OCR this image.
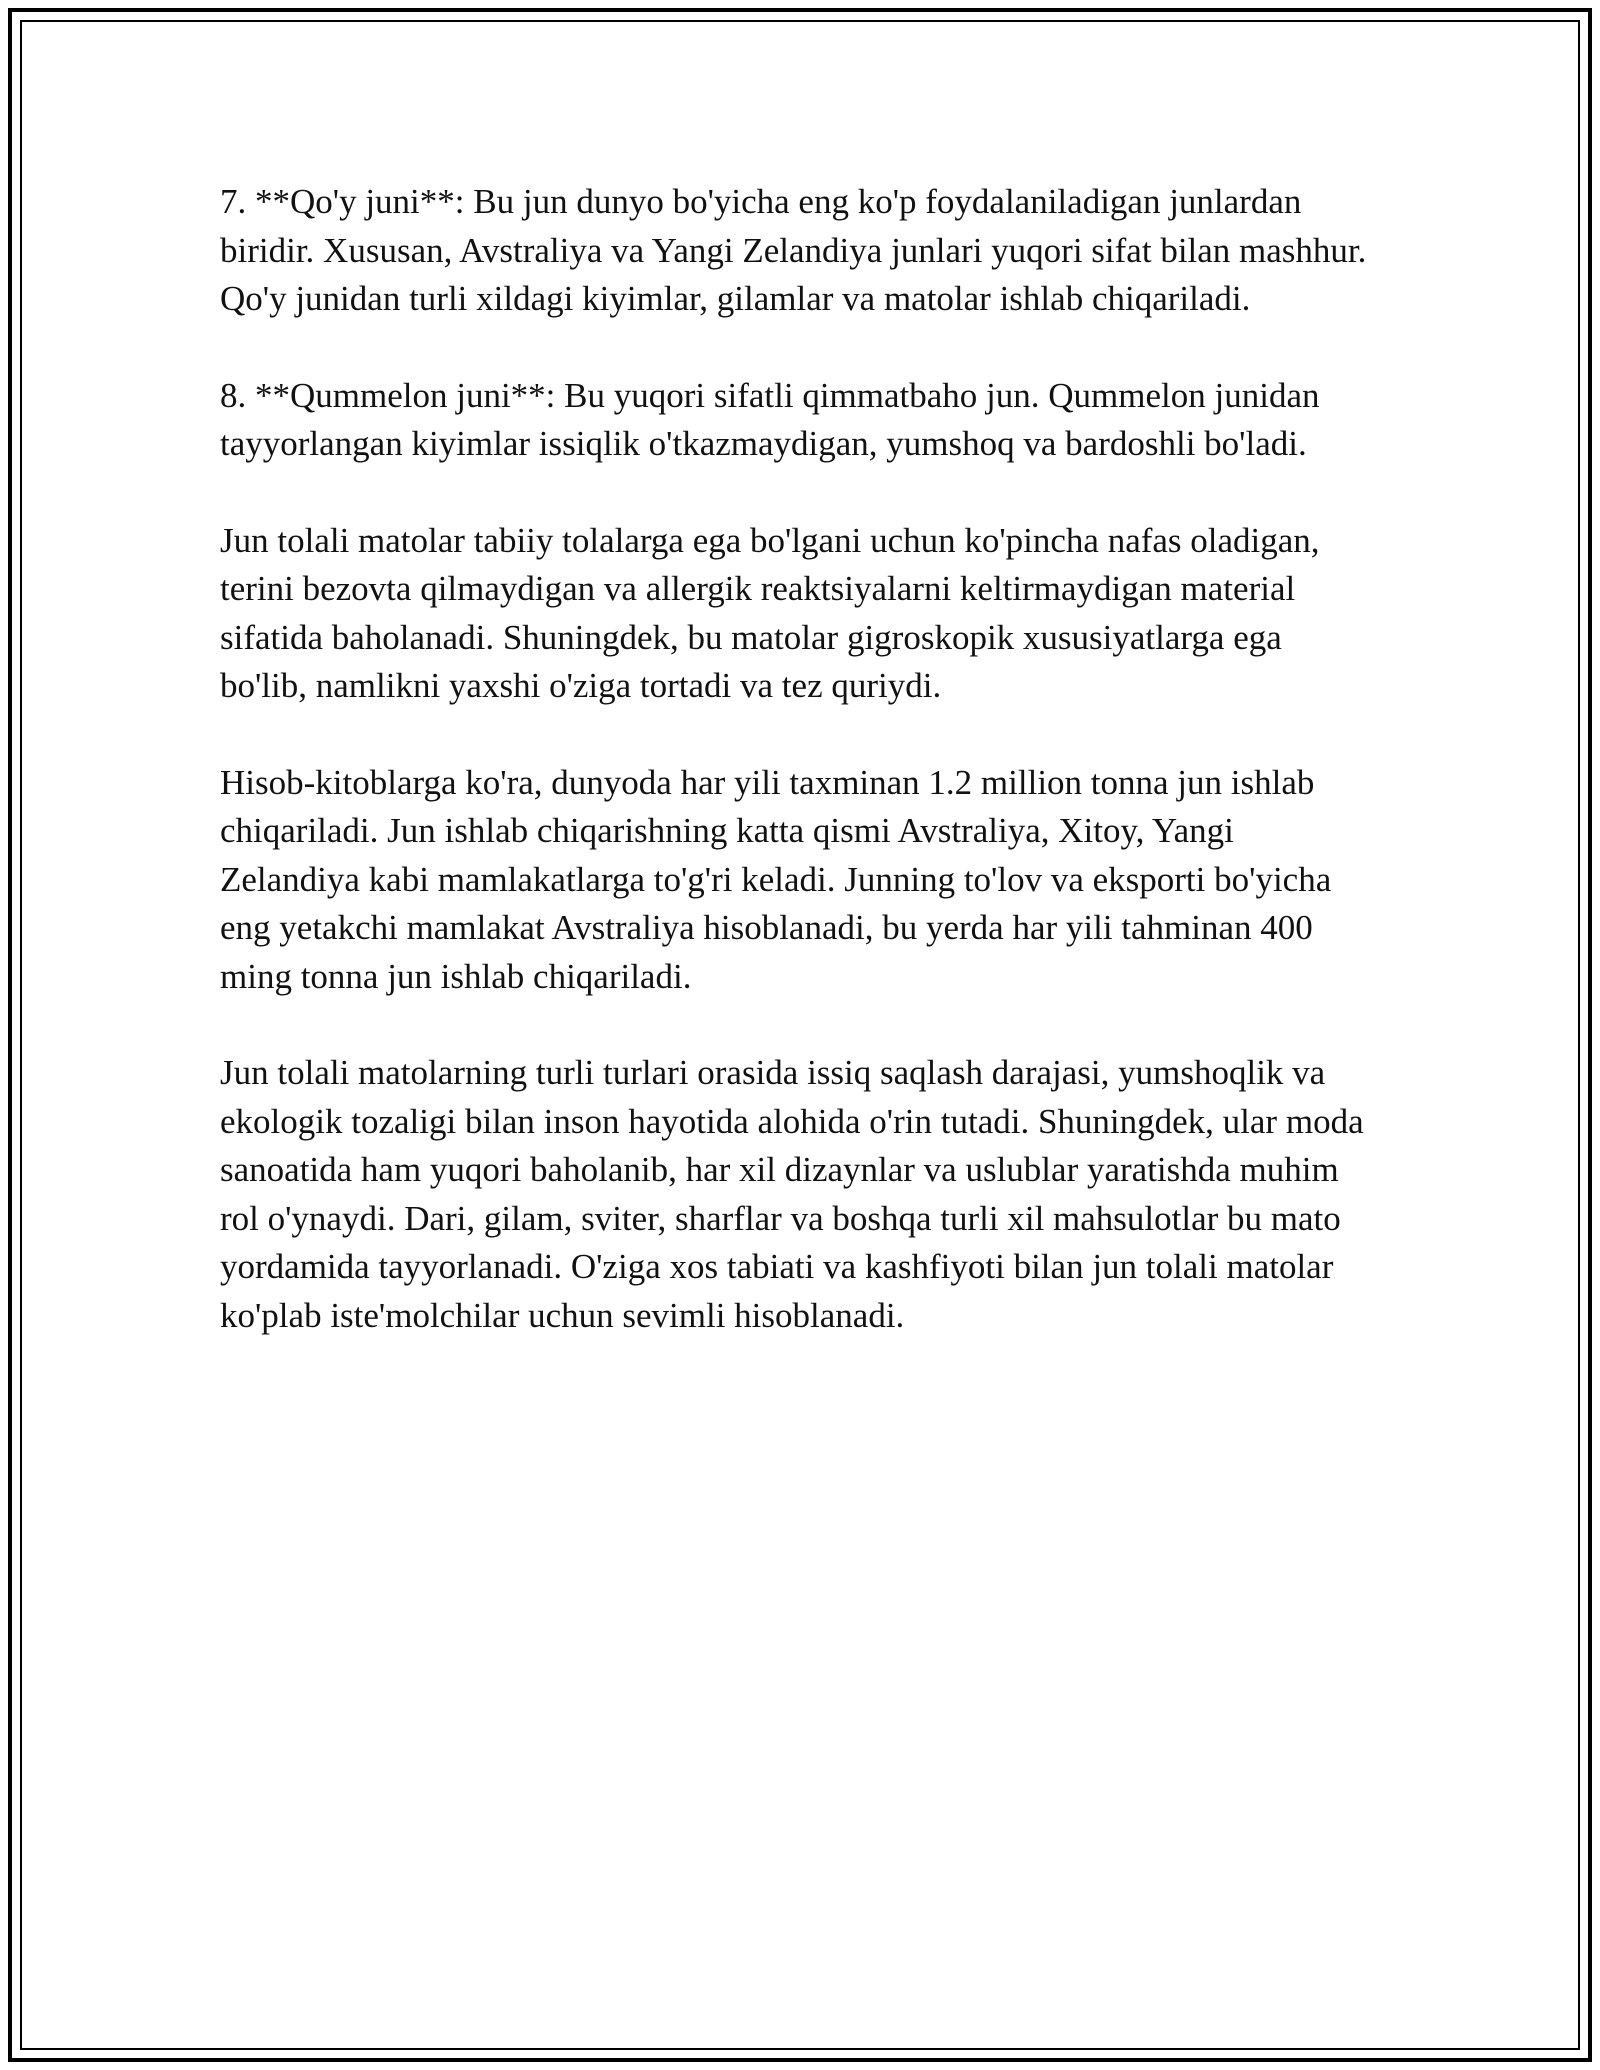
7. **Qo'y juni**: Bu jun dunyo bo'yicha eng ko'p foydalaniladigan junlardan biridir. Xususan, Avstraliya va Yangi Zelandiya junlari yuqori sifat bilan mashhur. Qo'y junidan turli xildagi kiyimlar, gilamlar va matolar ishlab chiqariladi.

8. **Qummelon juni**: Bu yuqori sifatli qimmatbaho jun. Qummelon junidan tayyorlangan kiyimlar issiqlik o'tkazmaydigan, yumshoq va bardoshli bo'ladi.

Jun tolali matolar tabiiy tolalarga ega bo'lgani uchun ko'pincha nafas oladigan, terini bezovta qilmaydigan va allergik reaktsiyalarni keltirmaydigan material sifatida baholanadi. Shuningdek, bu matolar gigroskopik xususiyatlarga ega bo'lib, namlikni yaxshi o'ziga tortadi va tez quriydi.

Hisob-kitoblarga ko'ra, dunyoda har yili taxminan 1.2 million tonna jun ishlab chiqariladi. Jun ishlab chiqarishning katta qismi Avstraliya, Xitoy, Yangi Zelandiya kabi mamlakatlarga to'g'ri keladi. Junning to'lov va eksporti bo'yicha eng yetakchi mamlakat Avstraliya hisoblanadi, bu yerda har yili tahminan 400 ming tonna jun ishlab chiqariladi.

Jun tolali matolarning turli turlari orasida issiq saqlash darajasi, yumshoqlik va ekologik tozaligi bilan inson hayotida alohida o'rin tutadi. Shuningdek, ular moda sanoatida ham yuqori baholanib, har xil dizaynlar va uslublar yaratishda muhim rol o'ynaydi. Dari, gilam, sviter, sharflar va boshqa turli xil mahsulotlar bu mato yordamida tayyorlanadi. O'ziga xos tabiati va kashfiyoti bilan jun tolali matolar ko'plab iste'molchilar uchun sevimli hisoblanadi.
